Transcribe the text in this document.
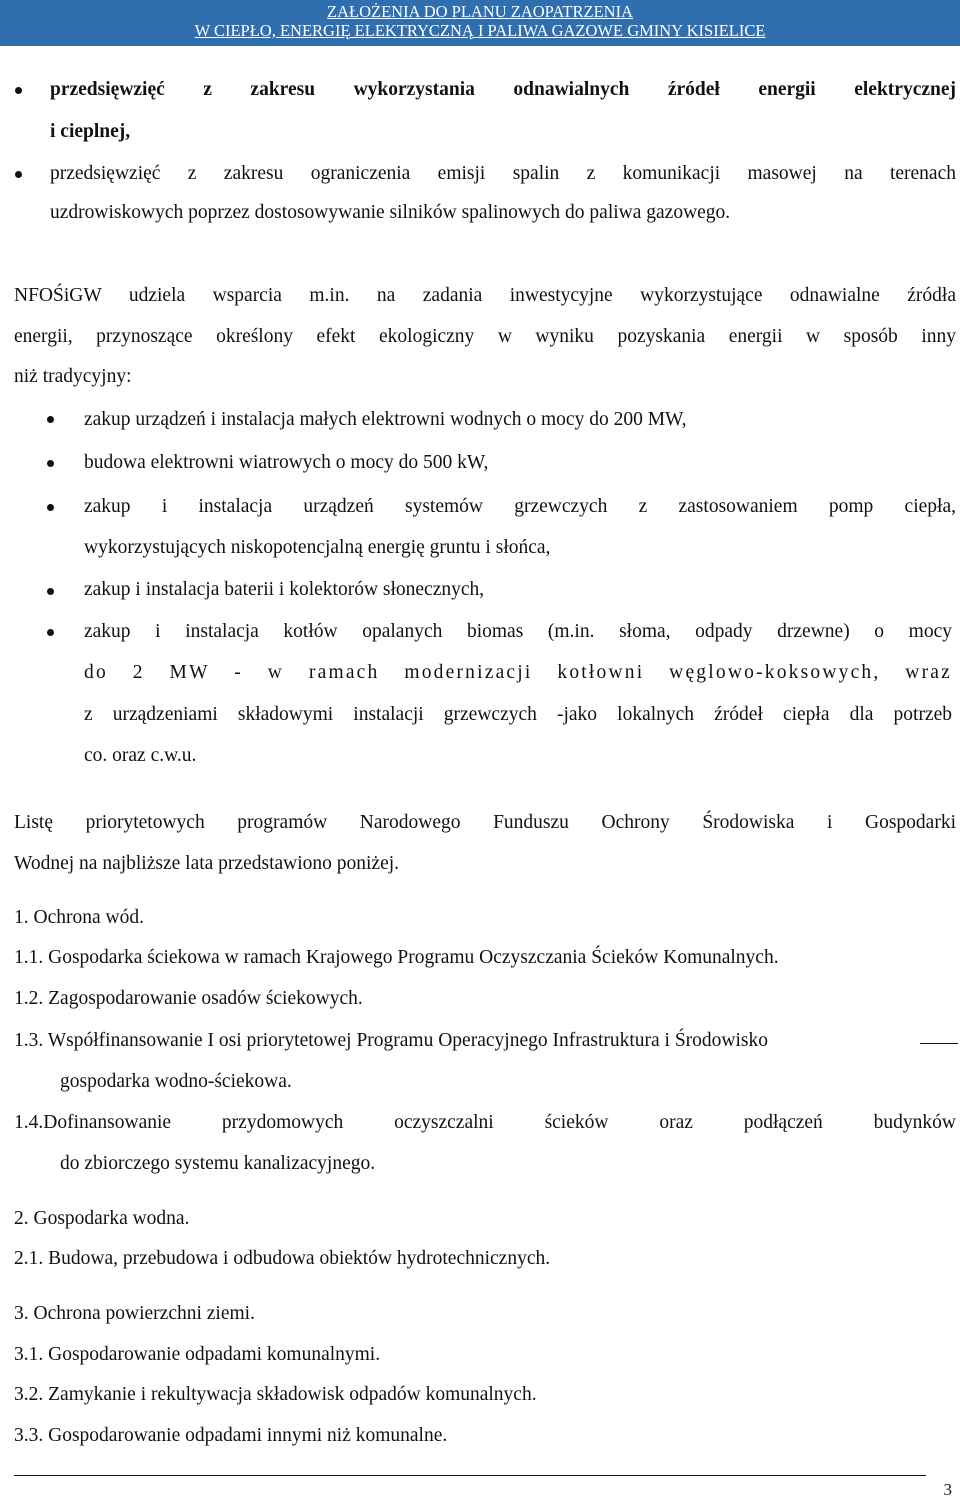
ZAŁOŻENIA DO PLANU ZAOPATRZENIA
W CIEPŁO, ENERGIĘ ELEKTRYCZNĄ I PALIWA GAZOWE GMINY KISIELICE
przedsięwzięć z zakresu wykorzystania odnawialnych źródeł energii elektrycznej
i cieplnej,
przedsięwzięć z zakresu ograniczenia emisji spalin z komunikacji masowej na terenach
uzdrowiskowych poprzez dostosowywanie silników spalinowych do paliwa gazowego.
NFOŚiGW udziela wsparcia m.in. na zadania inwestycyjne wykorzystujące odnawialne źródła
energii, przynoszące określony efekt ekologiczny w wyniku pozyskania energii w sposób inny
niż tradycyjny:
zakup urządzeń i instalacja małych elektrowni wodnych o mocy do 200 MW,
budowa elektrowni wiatrowych o mocy do 500 kW,
zakup i instalacja urządzeń systemów grzewczych z zastosowaniem pomp ciepła,
wykorzystujących niskopotencjalną energię gruntu i słońca,
zakup i instalacja baterii i kolektorów słonecznych,
zakup i instalacja kotłów opalanych biomas (m.in. słoma, odpady drzewne) o mocy
do 2 MW - w ramach modernizacji kotłowni węglowo-koksowych, wraz
z urządzeniami składowymi instalacji grzewczych -jako lokalnych źródeł ciepła dla potrzeb
co. oraz c.w.u.
Listę priorytetowych programów Narodowego Funduszu Ochrony Środowiska i Gospodarki
Wodnej na najbliższe lata przedstawiono poniżej.
1. Ochrona wód.
1.1. Gospodarka ściekowa w ramach Krajowego Programu Oczyszczania Ścieków Komunalnych.
1.2. Zagospodarowanie osadów ściekowych.
1.3. Współfinansowanie I osi priorytetowej Programu Operacyjnego Infrastruktura i Środowisko
gospodarka wodno-ściekowa.
1.4.Dofinansowanie przydomowych oczyszczalni ścieków oraz podłączeń budynków
do zbiorczego systemu kanalizacyjnego.
2. Gospodarka wodna.
2.1. Budowa, przebudowa i odbudowa obiektów hydrotechnicznych.
3. Ochrona powierzchni ziemi.
3.1. Gospodarowanie odpadami komunalnymi.
3.2. Zamykanie i rekultywacja składowisk odpadów komunalnych.
3.3. Gospodarowanie odpadami innymi niż komunalne.
3
